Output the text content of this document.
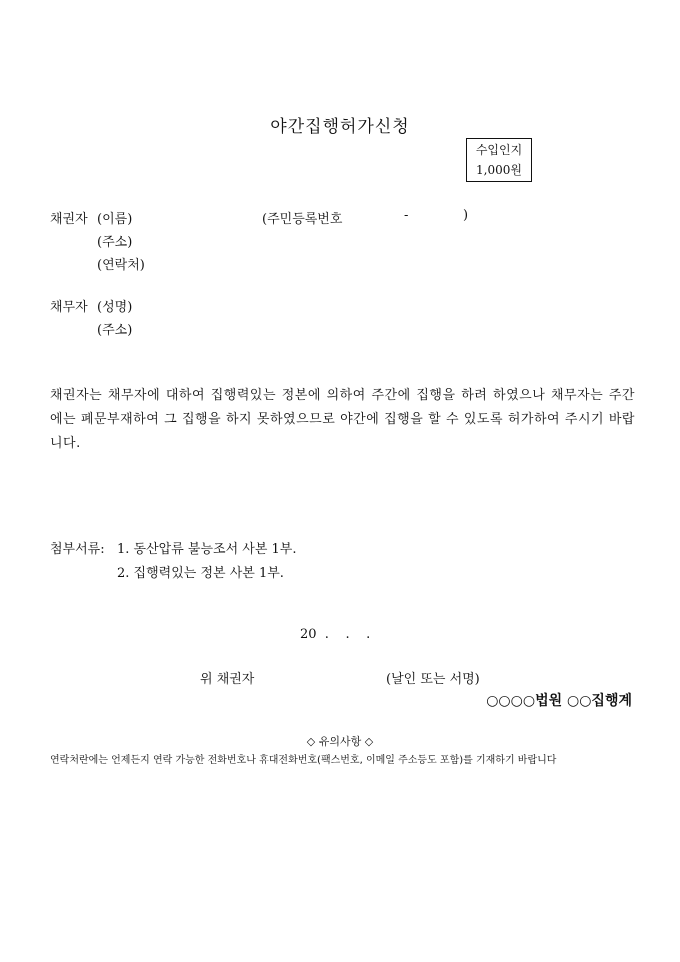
야간집행허가신청
수입인지
1,000원
채권자 (이름)	(주민등록번호	-	)
(주소)
(연락처)
채무자 (성명)
(주소)
채권자는 채무자에 대하여 집행력있는 정본에 의하여 주간에 집행을 하려 하였으나 채무자는 주간에는 폐문부재하여 그 집행을 하지 못하였으므로 야간에 집행을 할 수 있도록 허가하여 주시기 바랍니다.
첨부서류: 1. 동산압류 불능조서 사본 1부.
2. 집행력있는 정본 사본 1부.
20  .    .    .
위 채권자	(날인 또는 서명)
○○○○법원 ○○집행계
◇ 유의사항 ◇
연락처란에는 언제든지 연락 가능한 전화번호나 휴대전화번호(팩스번호, 이메일 주소등도 포함)를 기재하기 바랍니다
